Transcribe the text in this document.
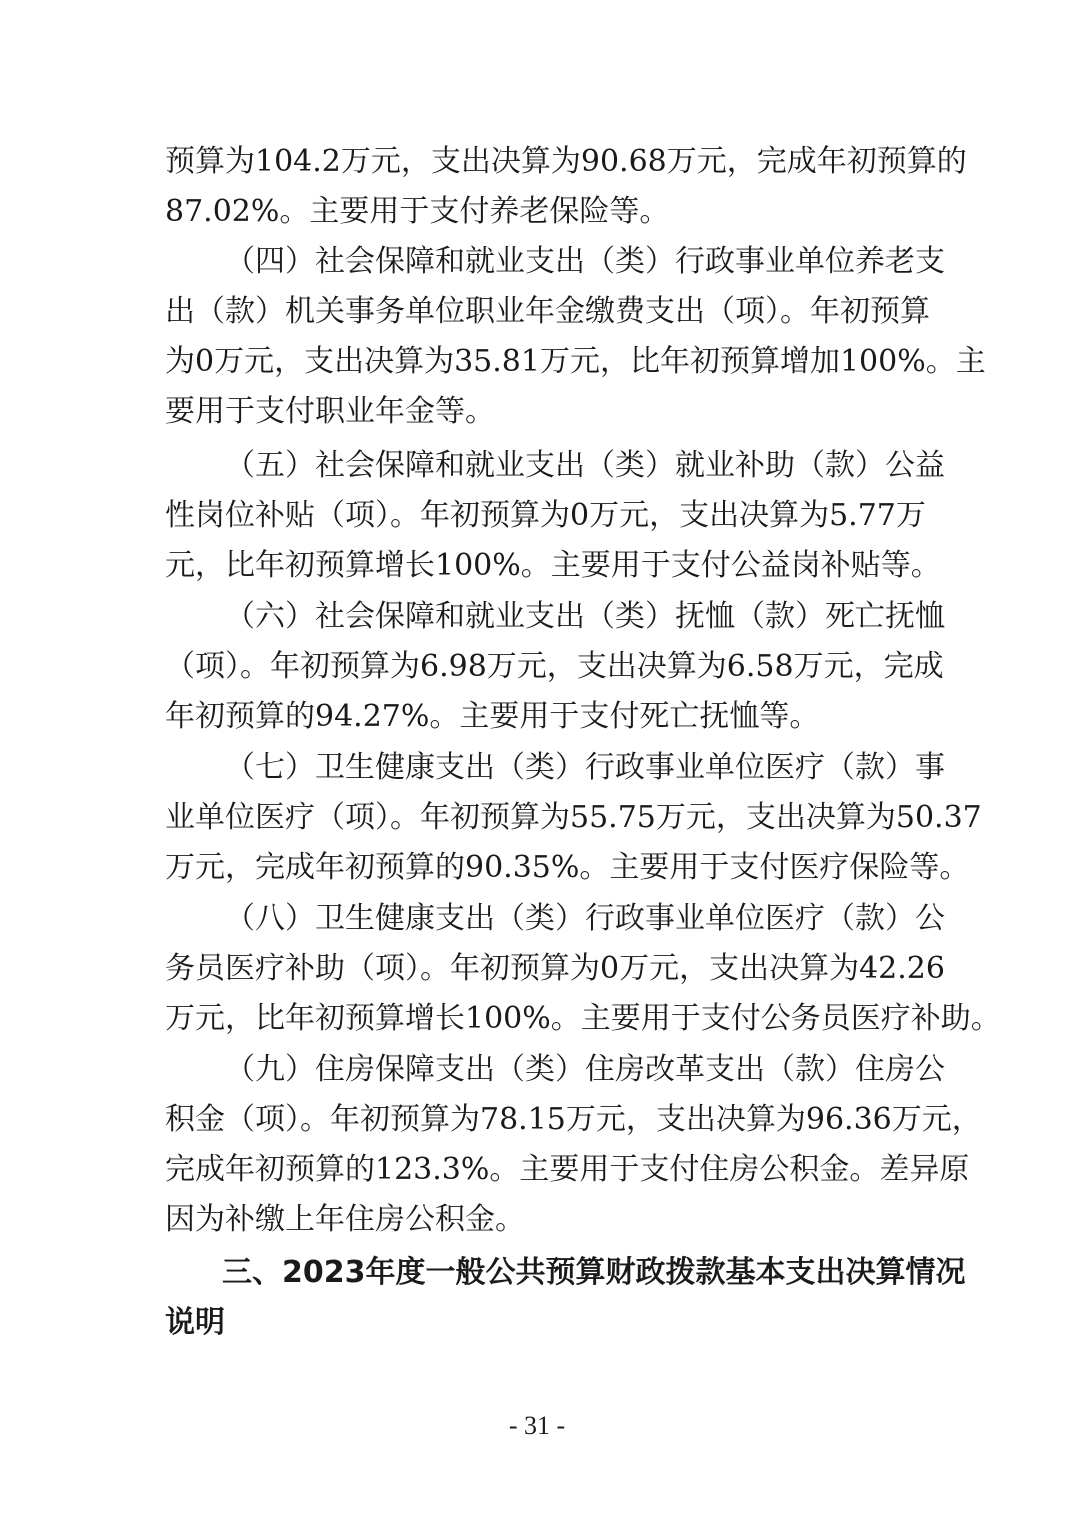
预算为104.2万元，支出决算为90.68万元，完成年初预算的
87.02%。主要用于支付养老保险等。
（四）社会保障和就业支出（类）行政事业单位养老支
出（款）机关事务单位职业年金缴费支出（项）。年初预算
为0万元，支出决算为35.81万元，比年初预算增加100%。主
要用于支付职业年金等。
（五）社会保障和就业支出（类）就业补助（款）公益
性岗位补贴（项）。年初预算为0万元，支出决算为5.77万
元，比年初预算增长100%。主要用于支付公益岗补贴等。
（六）社会保障和就业支出（类）抚恤（款）死亡抚恤
（项）。年初预算为6.98万元，支出决算为6.58万元，完成
年初预算的94.27%。主要用于支付死亡抚恤等。
（七）卫生健康支出（类）行政事业单位医疗（款）事
业单位医疗（项）。年初预算为55.75万元，支出决算为50.37
万元，完成年初预算的90.35%。主要用于支付医疗保险等。
（八）卫生健康支出（类）行政事业单位医疗（款）公
务员医疗补助（项）。年初预算为0万元，支出决算为42.26
万元，比年初预算增长100%。主要用于支付公务员医疗补助。
（九）住房保障支出（类）住房改革支出（款）住房公
积金（项）。年初预算为78.15万元，支出决算为96.36万元，
完成年初预算的123.3%。主要用于支付住房公积金。差异原
因为补缴上年住房公积金。
三、2023年度一般公共预算财政拨款基本支出决算情况
说明
- 31 -
